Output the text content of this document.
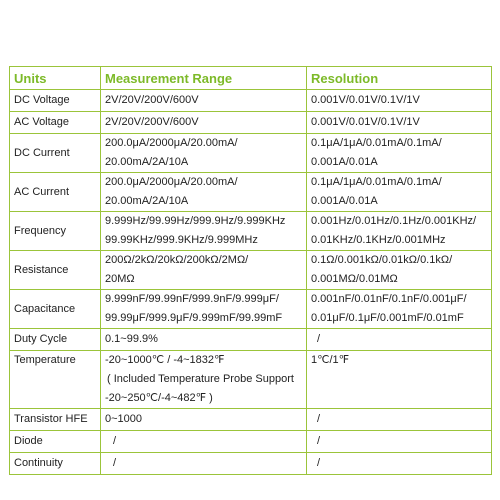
Units	Measurement Range	Resolution
DC Voltage	2V/20V/200V/600V	0.001V/0.01V/0.1V/1V

AC Voltage	2V/20V/200V/600V	0.001V/0.01V/0.1V/1V

DC Current	200.0μA/2000μA/20.00mA/
20.00mA/2A/10A	0.1μA/1μA/0.01mA/0.1mA/
0.001A/0.01A

AC Current	200.0μA/2000μA/20.00mA/
20.00mA/2A/10A	0.1μA/1μA/0.01mA/0.1mA/
0.001A/0.01A

Frequency	9.999Hz/99.99Hz/999.9Hz/9.999KHz
99.99KHz/999.9KHz/9.999MHz	0.001Hz/0.01Hz/0.1Hz/0.001KHz/
0.01KHz/0.1KHz/0.001MHz

Resistance	200Ω/2kΩ/20kΩ/200kΩ/2MΩ/
20MΩ	0.1Ω/0.001kΩ/0.01kΩ/0.1kΩ/
0.001MΩ/0.01MΩ

Capacitance	9.999nF/99.99nF/999.9nF/9.999μF/
99.99μF/999.9μF/9.999mF/99.99mF	0.001nF/0.01nF/0.1nF/0.001μF/
0.01μF/0.1μF/0.001mF/0.01mF

Duty Cycle	0.1~99.9%	/

Temperature	-20~1000℃ / -4~1832℉
( Included Temperature Probe Support
-20~250℃/-4~482℉ )	1℃/1℉

Transistor HFE	0~1000	/

Diode	/	/

Continuity	/	/
